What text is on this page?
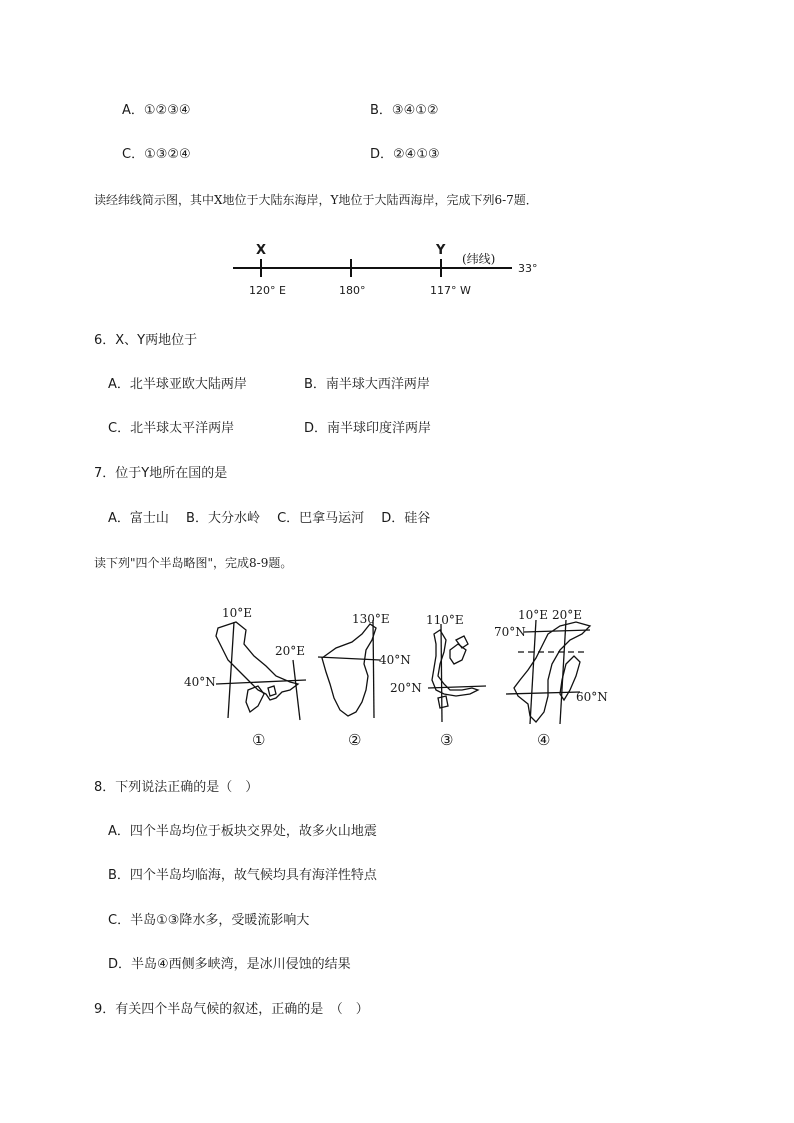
A．①②③④	B．③④①②
C．①③②④	D．②④①③
读经纬线简示图，其中X地位于大陆东海岸，Y地位于大陆西海岸，完成下列6-7题．
X	Y
(纬线)
33°
120° E	180°	117° W
6．X、Y两地位于
A．北半球亚欧大陆两岸	B．南半球大西洋两岸
C．北半球太平洋两岸	D．南半球印度洋两岸
7．位于Y地所在国的是
A．富士山　 B．大分水岭　 C．巴拿马运河　 D．硅谷
读下列"四个半岛略图"，完成8-9题。
10°E
20°E
40°N
①
130°E
40°N
②
110°E
20°N
③
10°E 20°E
70°N
60°N
④
8．下列说法正确的是（　）
A．四个半岛均位于板块交界处，故多火山地震
B．四个半岛均临海，故气候均具有海洋性特点
C．半岛①③降水多，受暖流影响大
D．半岛④西侧多峡湾，是冰川侵蚀的结果
9．有关四个半岛气候的叙述，正确的是　（　）
